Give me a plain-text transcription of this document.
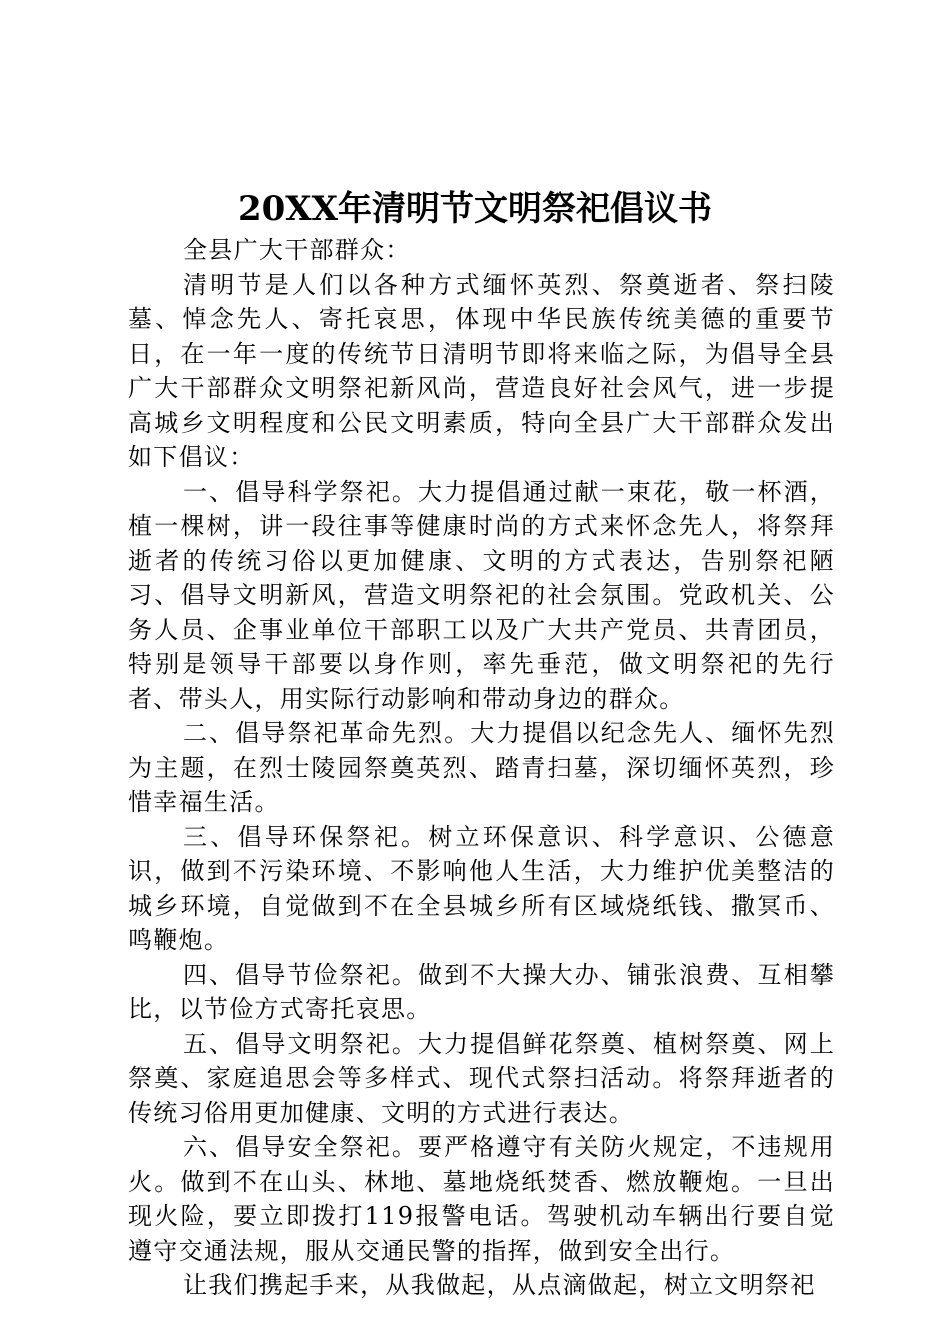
20XX年清明节文明祭祀倡议书

全县广大干部群众：

清明节是人们以各种方式缅怀英烈、祭奠逝者、祭扫陵墓、悼念先人、寄托哀思，体现中华民族传统美德的重要节日，在一年一度的传统节日清明节即将来临之际，为倡导全县广大干部群众文明祭祀新风尚，营造良好社会风气，进一步提高城乡文明程度和公民文明素质，特向全县广大干部群众发出如下倡议：

一、倡导科学祭祀。大力提倡通过献一束花，敬一杯酒，植一棵树，讲一段往事等健康时尚的方式来怀念先人，将祭拜逝者的传统习俗以更加健康、文明的方式表达，告别祭祀陋习、倡导文明新风，营造文明祭祀的社会氛围。党政机关、公务人员、企事业单位干部职工以及广大共产党员、共青团员，特别是领导干部要以身作则，率先垂范，做文明祭祀的先行者、带头人，用实际行动影响和带动身边的群众。

二、倡导祭祀革命先烈。大力提倡以纪念先人、缅怀先烈为主题，在烈士陵园祭奠英烈、踏青扫墓，深切缅怀英烈，珍惜幸福生活。

三、倡导环保祭祀。树立环保意识、科学意识、公德意识，做到不污染环境、不影响他人生活，大力维护优美整洁的城乡环境，自觉做到不在全县城乡所有区域烧纸钱、撒冥币、鸣鞭炮。

四、倡导节俭祭祀。做到不大操大办、铺张浪费、互相攀比，以节俭方式寄托哀思。

五、倡导文明祭祀。大力提倡鲜花祭奠、植树祭奠、网上祭奠、家庭追思会等多样式、现代式祭扫活动。将祭拜逝者的传统习俗用更加健康、文明的方式进行表达。

六、倡导安全祭祀。要严格遵守有关防火规定，不违规用火。做到不在山头、林地、墓地烧纸焚香、燃放鞭炮。一旦出现火险，要立即拨打119报警电话。驾驶机动车辆出行要自觉遵守交通法规，服从交通民警的指挥，做到安全出行。

让我们携起手来，从我做起，从点滴做起，树立文明祭祀
